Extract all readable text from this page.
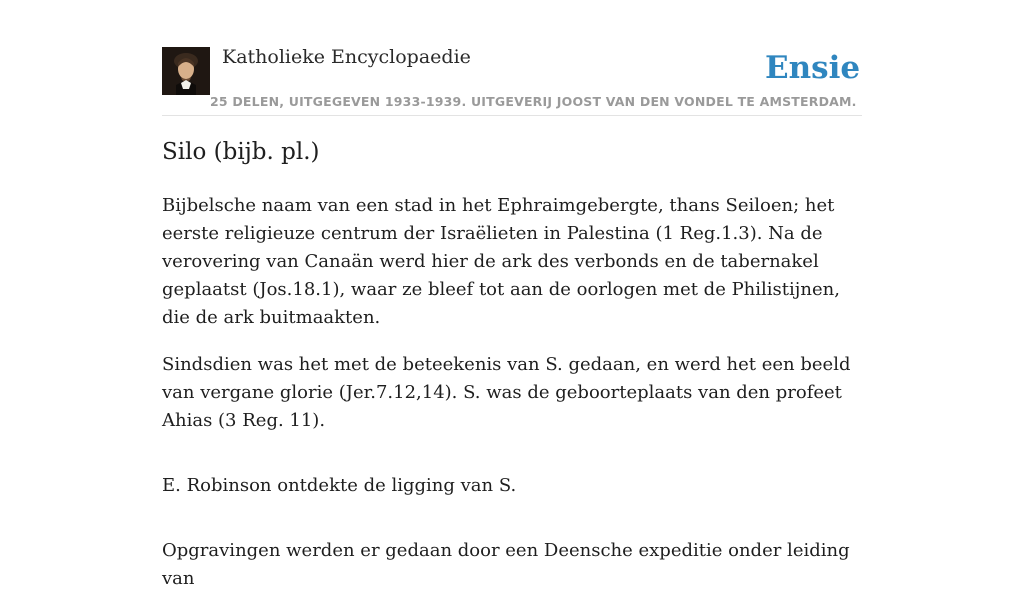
Katholieke Encyclopaedie	Ensie
25 DELEN, UITGEGEVEN 1933-1939. UITGEVERIJ JOOST VAN DEN VONDEL TE AMSTERDAM.
Silo (bijb. pl.)

Bijbelsche naam van een stad in het Ephraimgebergte, thans Seiloen; het eerste religieuze centrum der Israëlieten in Palestina (1 Reg.1.3). Na de verovering van Canaän werd hier de ark des verbonds en de tabernakel geplaatst (Jos.18.1), waar ze bleef tot aan de oorlogen met de Philistijnen, die de ark buitmaakten.

Sindsdien was het met de beteekenis van S. gedaan, en werd het een beeld van vergane glorie (Jer.7.12,14). S. was de geboorteplaats van den profeet Ahias (3 Reg. 11).

E. Robinson ontdekte de ligging van S.

Opgravingen werden er gedaan door een Deensche expeditie onder leiding van
